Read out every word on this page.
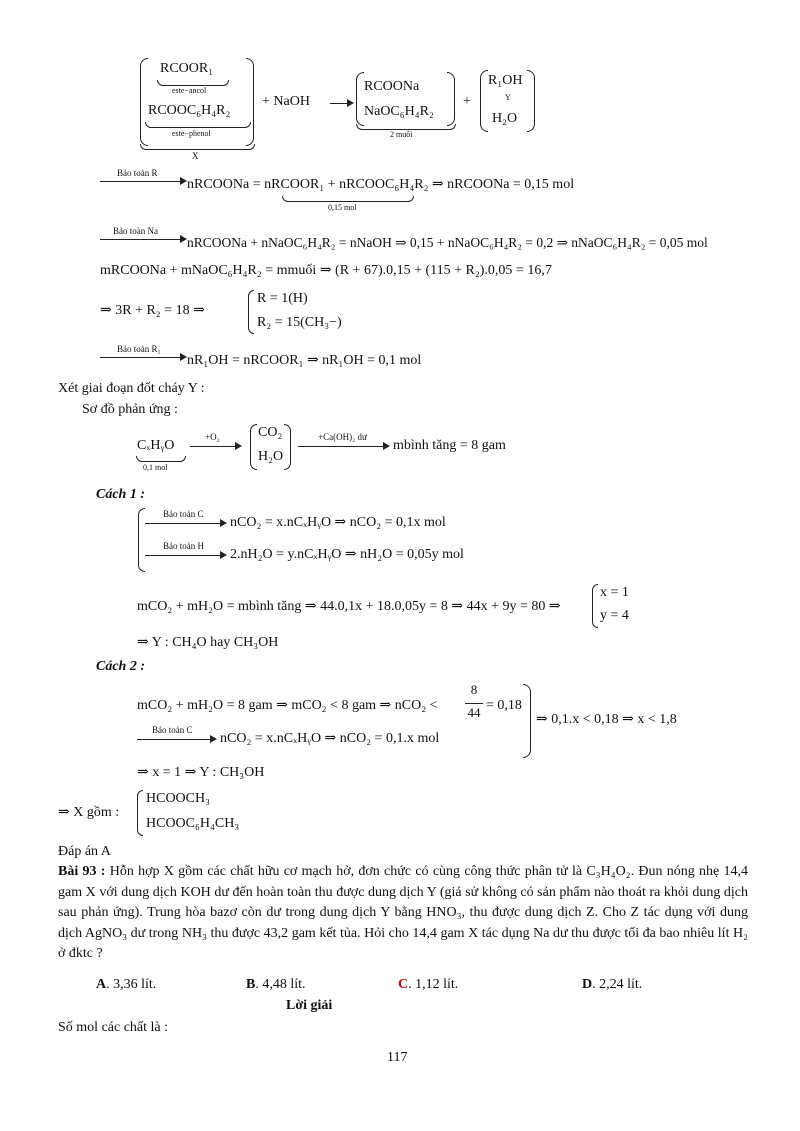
RCOOR₁
este−ancol
RCOOC₆H₄R₂
este−phenol
X
+ NaOH →
RCOONa
NaOC₆H₄R₂
2 muối
+
R₁OH
Y
H₂O
Bảo toàn R
nRCOONa = nRCOOR₁ + nRCOOC₆H₄R₂ ⇒ nRCOONa = 0,15 mol
0,15 mol
Bảo toàn Na
nRCOONa + nNaOC₆H₄R₂ = nNaOH ⇒ 0,15 + nNaOC₆H₄R₂ = 0,2 ⇒ nNaOC₆H₄R₂ = 0,05 mol
mRCOONa + mNaOC₆H₄R₂ = mmuối ⇒ (R + 67).0,15 + (115 + R₂).0,05 = 16,7
⇒ 3R + R₂ = 18 ⇒
R = 1(H)
R₂ = 15(CH₃−)
Bảo toàn R₁
nR₁OH = nRCOOR₁ ⇒ nR₁OH = 0,1 mol
Xét giai đoạn đốt cháy Y :
Sơ đồ phản ứng :
CₓHᵧO
0,1 mol
+O₂	CO₂
H₂O
+Ca(OH)₂ dư
mbình tăng = 8 gam
Cách 1 :
Bảo toàn C
nCO₂ = x.nCₓHᵧO ⇒ nCO₂ = 0,1x mol
Bảo toàn H
2.nH₂O = y.nCₓHᵧO ⇒ nH₂O = 0,05y mol
mCO₂ + mH₂O = mbình tăng ⇒ 44.0,1x + 18.0,05y = 8 ⇒ 44x + 9y = 80 ⇒
x = 1
y = 4
⇒ Y : CH₄O hay CH₃OH
Cách 2 :
mCO₂ + mH₂O = 8 gam ⇒ mCO₂ < 8 gam ⇒ nCO₂ <
8
44 = 0,18
⇒ 0,1.x < 0,18 ⇒ x < 1,8
Bảo toàn C
nCO₂ = x.nCₓHᵧO ⇒ nCO₂ = 0,1.x mol
⇒ x = 1 ⇒ Y : CH₃OH
⇒ X gồm :
HCOOCH₃
HCOOC₆H₄CH₃
Đáp án A
Bài 93 : Hỗn hợp X gồm các chất hữu cơ mạch hở, đơn chức có cùng công thức phân tử là C₃H₄O₂. Đun nóng nhẹ 14,4 gam X với dung dịch KOH dư đến hoàn toàn thu được dung dịch Y (giả sử không có sản phẩm nào thoát ra khỏi dung dịch sau phản ứng). Trung hòa bazơ còn dư trong dung dịch Y bằng HNO₃, thu được dung dịch Z. Cho Z tác dụng với dung dịch AgNO₃ dư trong NH₃ thu được 43,2 gam kết tủa. Hỏi cho 14,4 gam X tác dụng Na dư thu được tối đa bao nhiêu lít H₂ ở đktc ?
A. 3,36 lít.	B. 4,48 lít.	C. 1,12 lít.	D. 2,24 lít.
Lời giải
Số mol các chất là :
117
